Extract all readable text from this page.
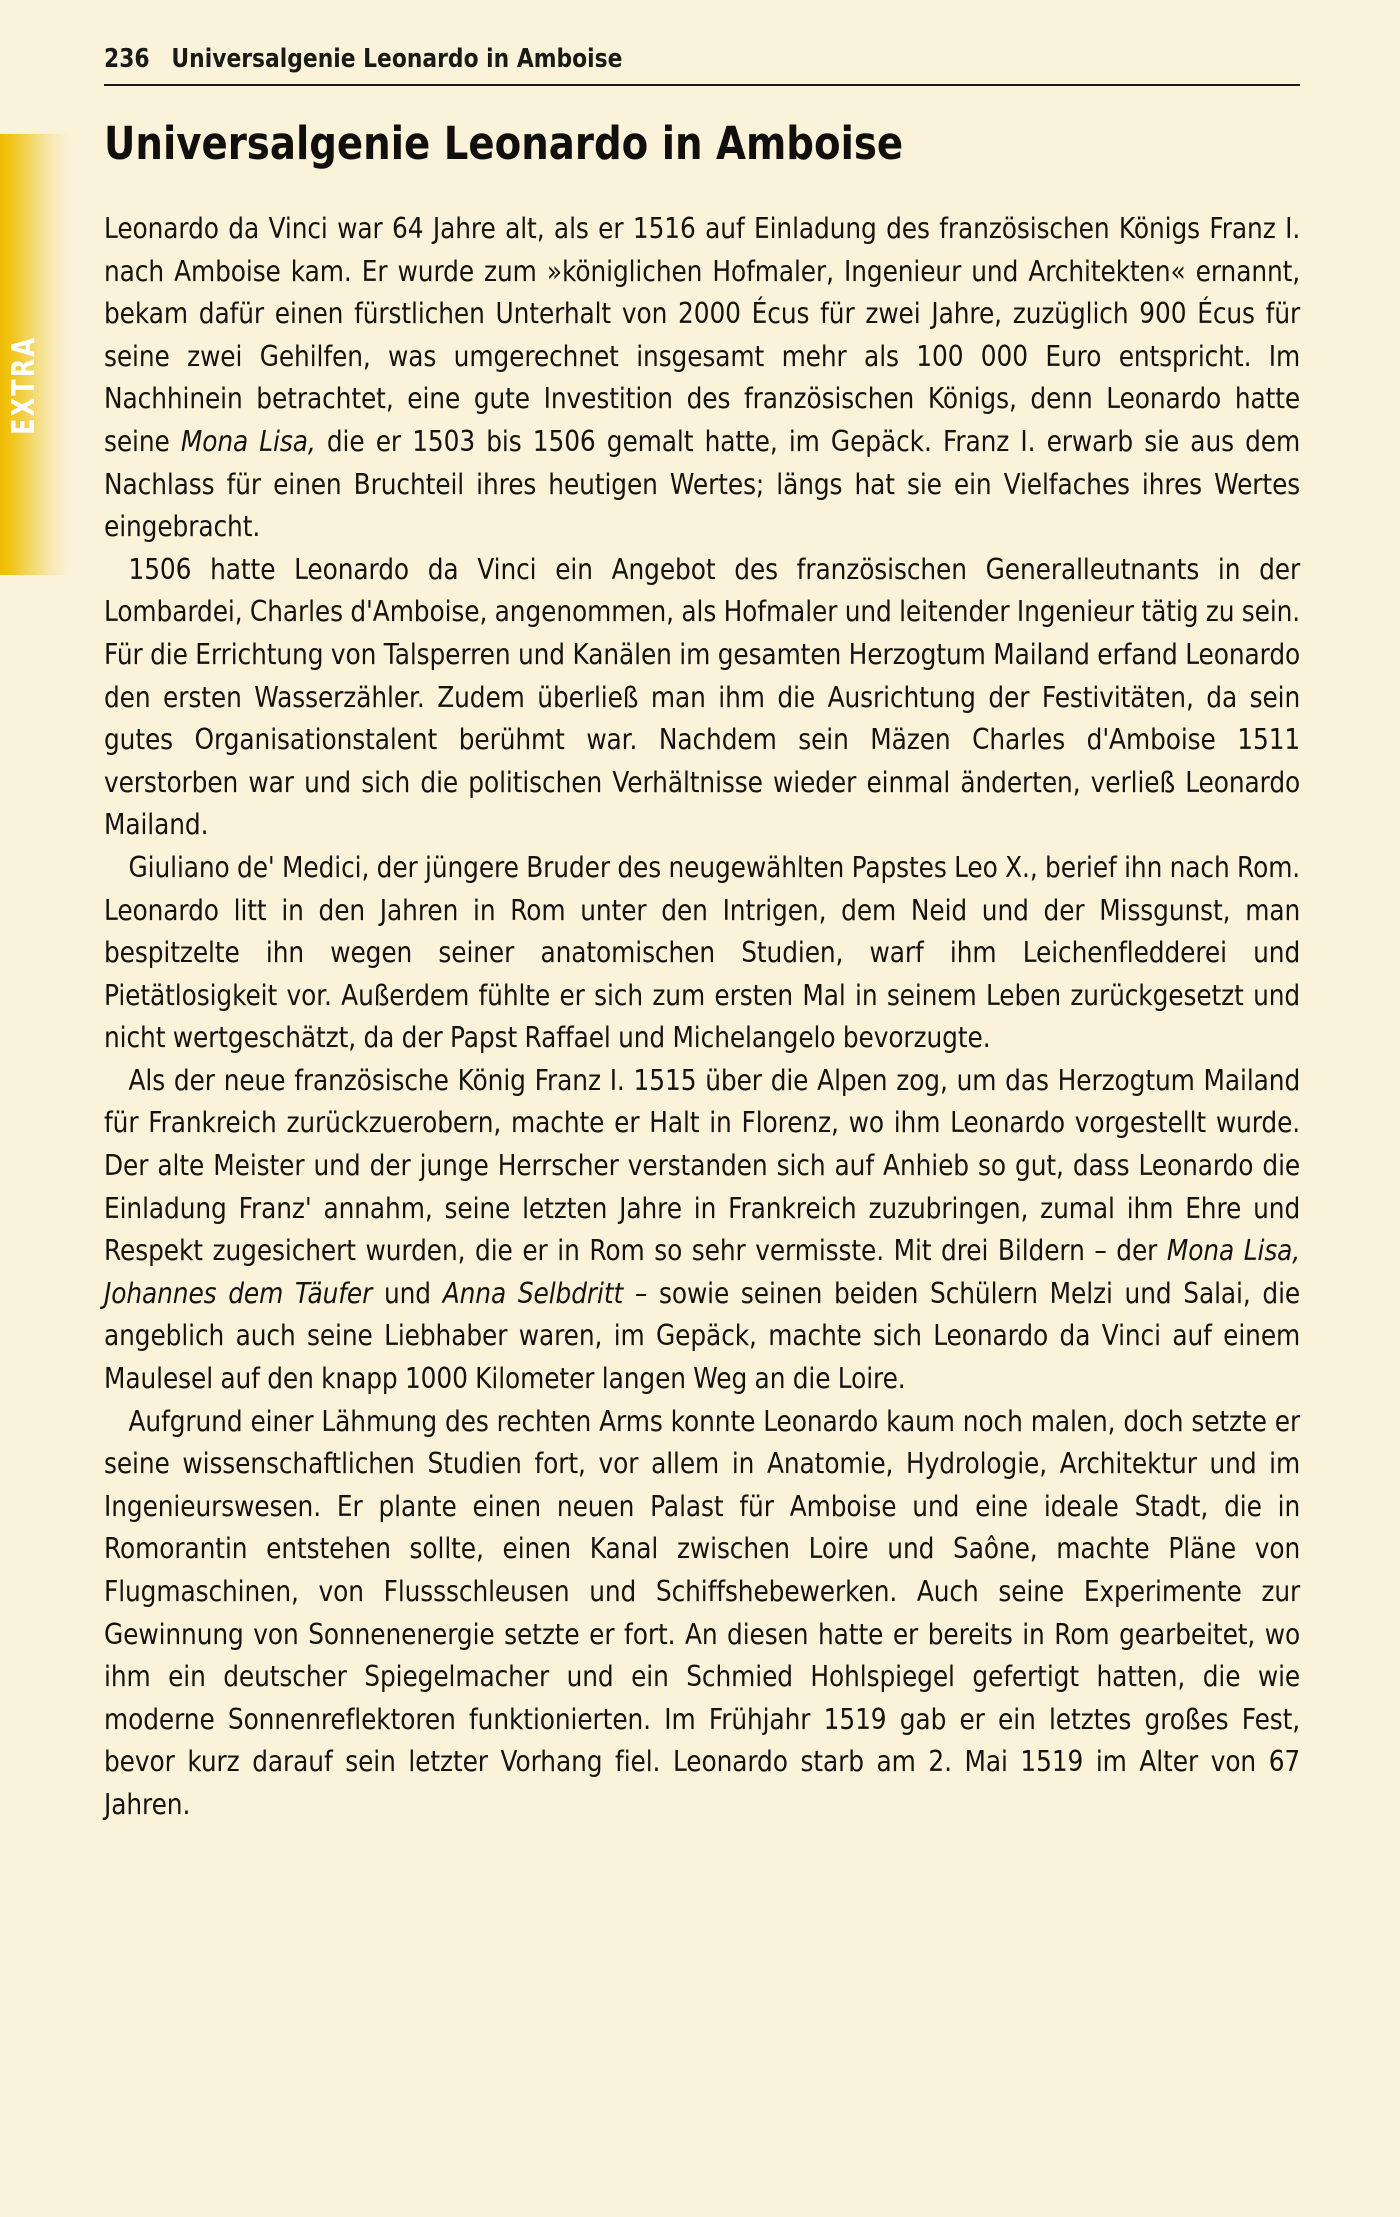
EXTRA
236 Universalgenie Leonardo in Amboise
Universalgenie Leonardo in Amboise

Leonardo da Vinci war 64 Jahre alt, als er 1516 auf Einladung des französischen Königs Franz I. nach Amboise kam. Er wurde zum »königlichen Hofmaler, Ingenieur und Architekten« ernannt, bekam dafür einen fürstlichen Unterhalt von 2000 Écus für zwei Jahre, zuzüglich 900 Écus für seine zwei Gehilfen, was umgerechnet insgesamt mehr als 100 000 Euro entspricht. Im Nachhinein betrachtet, eine gute Investition des französischen Königs, denn Leonardo hatte seine Mona Lisa, die er 1503 bis 1506 gemalt hatte, im Gepäck. Franz I. erwarb sie aus dem Nachlass für einen Bruchteil ihres heutigen Wertes; längs hat sie ein Vielfaches ihres Wertes eingebracht.

1506 hatte Leonardo da Vinci ein Angebot des französischen Generalleutnants in der Lombardei, Charles d'Amboise, angenommen, als Hofmaler und leitender Ingenieur tätig zu sein. Für die Errichtung von Talsperren und Kanälen im gesamten Herzogtum Mailand erfand Leonardo den ersten Wasserzähler. Zudem überließ man ihm die Ausrichtung der Festivitäten, da sein gutes Organisationstalent berühmt war. Nachdem sein Mäzen Charles d'Amboise 1511 verstorben war und sich die politischen Verhältnisse wieder einmal änderten, verließ Leonardo Mailand.

Giuliano de' Medici, der jüngere Bruder des neugewählten Papstes Leo X., berief ihn nach Rom. Leonardo litt in den Jahren in Rom unter den Intrigen, dem Neid und der Missgunst, man bespitzelte ihn wegen seiner anatomischen Studien, warf ihm Leichenfledderei und Pietätlosigkeit vor. Außerdem fühlte er sich zum ersten Mal in seinem Leben zurückgesetzt und nicht wertgeschätzt, da der Papst Raffael und Michelangelo bevorzugte.

Als der neue französische König Franz I. 1515 über die Alpen zog, um das Herzogtum Mailand für Frankreich zurückzuerobern, machte er Halt in Florenz, wo ihm Leonardo vorgestellt wurde. Der alte Meister und der junge Herrscher verstanden sich auf Anhieb so gut, dass Leonardo die Einladung Franz' annahm, seine letzten Jahre in Frankreich zuzubringen, zumal ihm Ehre und Respekt zugesichert wurden, die er in Rom so sehr vermisste. Mit drei Bildern – der Mona Lisa, Johannes dem Täufer und Anna Selbdritt – sowie seinen beiden Schülern Melzi und Salai, die angeblich auch seine Liebhaber waren, im Gepäck, machte sich Leonardo da Vinci auf einem Maulesel auf den knapp 1000 Kilometer langen Weg an die Loire.

Aufgrund einer Lähmung des rechten Arms konnte Leonardo kaum noch malen, doch setzte er seine wissenschaftlichen Studien fort, vor allem in Anatomie, Hydrologie, Architektur und im Ingenieurswesen. Er plante einen neuen Palast für Amboise und eine ideale Stadt, die in Romorantin entstehen sollte, einen Kanal zwischen Loire und Saône, machte Pläne von Flugmaschinen, von Flussschleusen und Schiffshebewerken. Auch seine Experimente zur Gewinnung von Sonnenenergie setzte er fort. An diesen hatte er bereits in Rom gearbeitet, wo ihm ein deutscher Spiegelmacher und ein Schmied Hohlspiegel gefertigt hatten, die wie moderne Sonnenreflektoren funktionierten. Im Frühjahr 1519 gab er ein letztes großes Fest, bevor kurz darauf sein letzter Vorhang fiel. Leonardo starb am 2. Mai 1519 im Alter von 67 Jahren.
